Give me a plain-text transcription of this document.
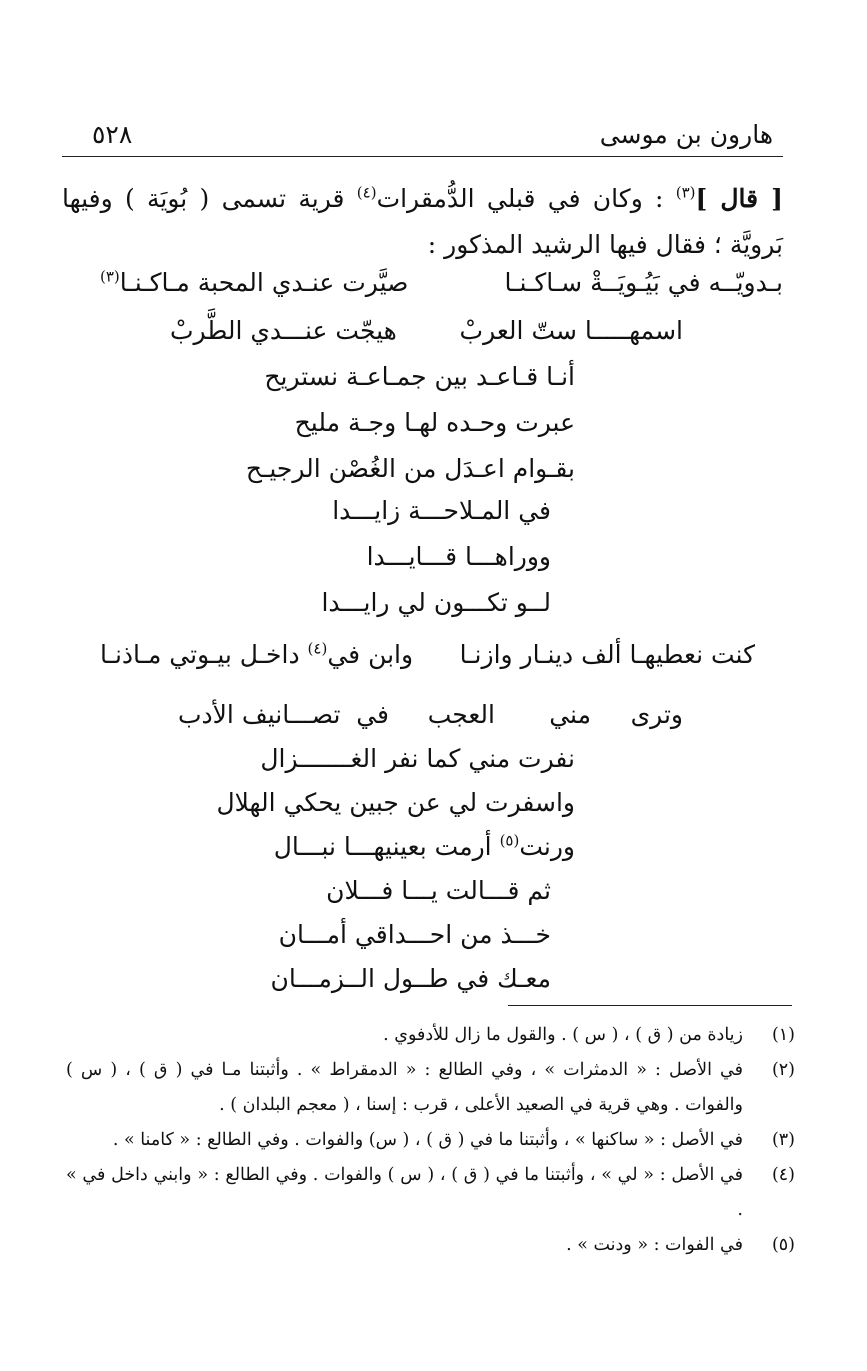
هارون بن موسى
٥٢٨

[ قال ]$^{(٣)}$ : وكان في قبلي الدُّمقرات$^{(٤)}$ قرية تسمى ( بُويَة ) وفيها بَرويَّة ؛ فقال فيها الرشيد المذكور :

بـدويّــه في بَيُـويَــةْ سـاكـنـا
صيَّرت عنـدي المحبة مـاكـنـا$^{(٣)}$
اسمهـــــا ستّ العربْ
هيجّت عنـــدي الطَّربْ
أنـا قـاعـد بين جمـاعـة نستريح
عبرت وحـده لهـا وجـة مليح
بقـوام اعـدَل من الغُصْن الرجيـح
في المـلاحـــة زايـــدا
ووراهـــا قـــايـــدا
لــو تكـــون لي رايـــدا
كنت نعطيهـا ألف دينـار وازنـا
وابن في$^{(٤)}$ داخـل بيـوتي مـاذنـا
وترى
مني
العجب
في
تصـــانيف الأدب
نفرت مني كما نفر الغـــــــزال
واسفرت لي عن جبين يحكي الهلال
ورنت$^{(٥)}$ أرمت بعينيهـــا نبـــال
ثم قـــالت يـــا فـــلان
خـــذ من احـــداقي أمـــان
معـك في طــول الــزمـــان
(١)
زيادة من ( ق ) ، ( س ) . والقول ما زال للأدفوي .
(٢)
في الأصل : « الدمثرات » ، وفي الطالع : « الدمقراط » . وأثبتنا مـا في ( ق ) ، ( س ) والفوات . وهي قرية في الصعيد الأعلى ، قرب : إسنا ، ( معجم البلدان ) .
(٣)
في الأصل : « ساكنها » ، وأثبتنا ما في ( ق ) ، ( س) والفوات . وفي الطالع : « كامنا » .
(٤)
في الأصل : « لي » ، وأثبتنا ما في ( ق ) ، ( س ) والفوات . وفي الطالع : « وابني داخل في » .
(٥)
في الفوات : « ودنت » .
